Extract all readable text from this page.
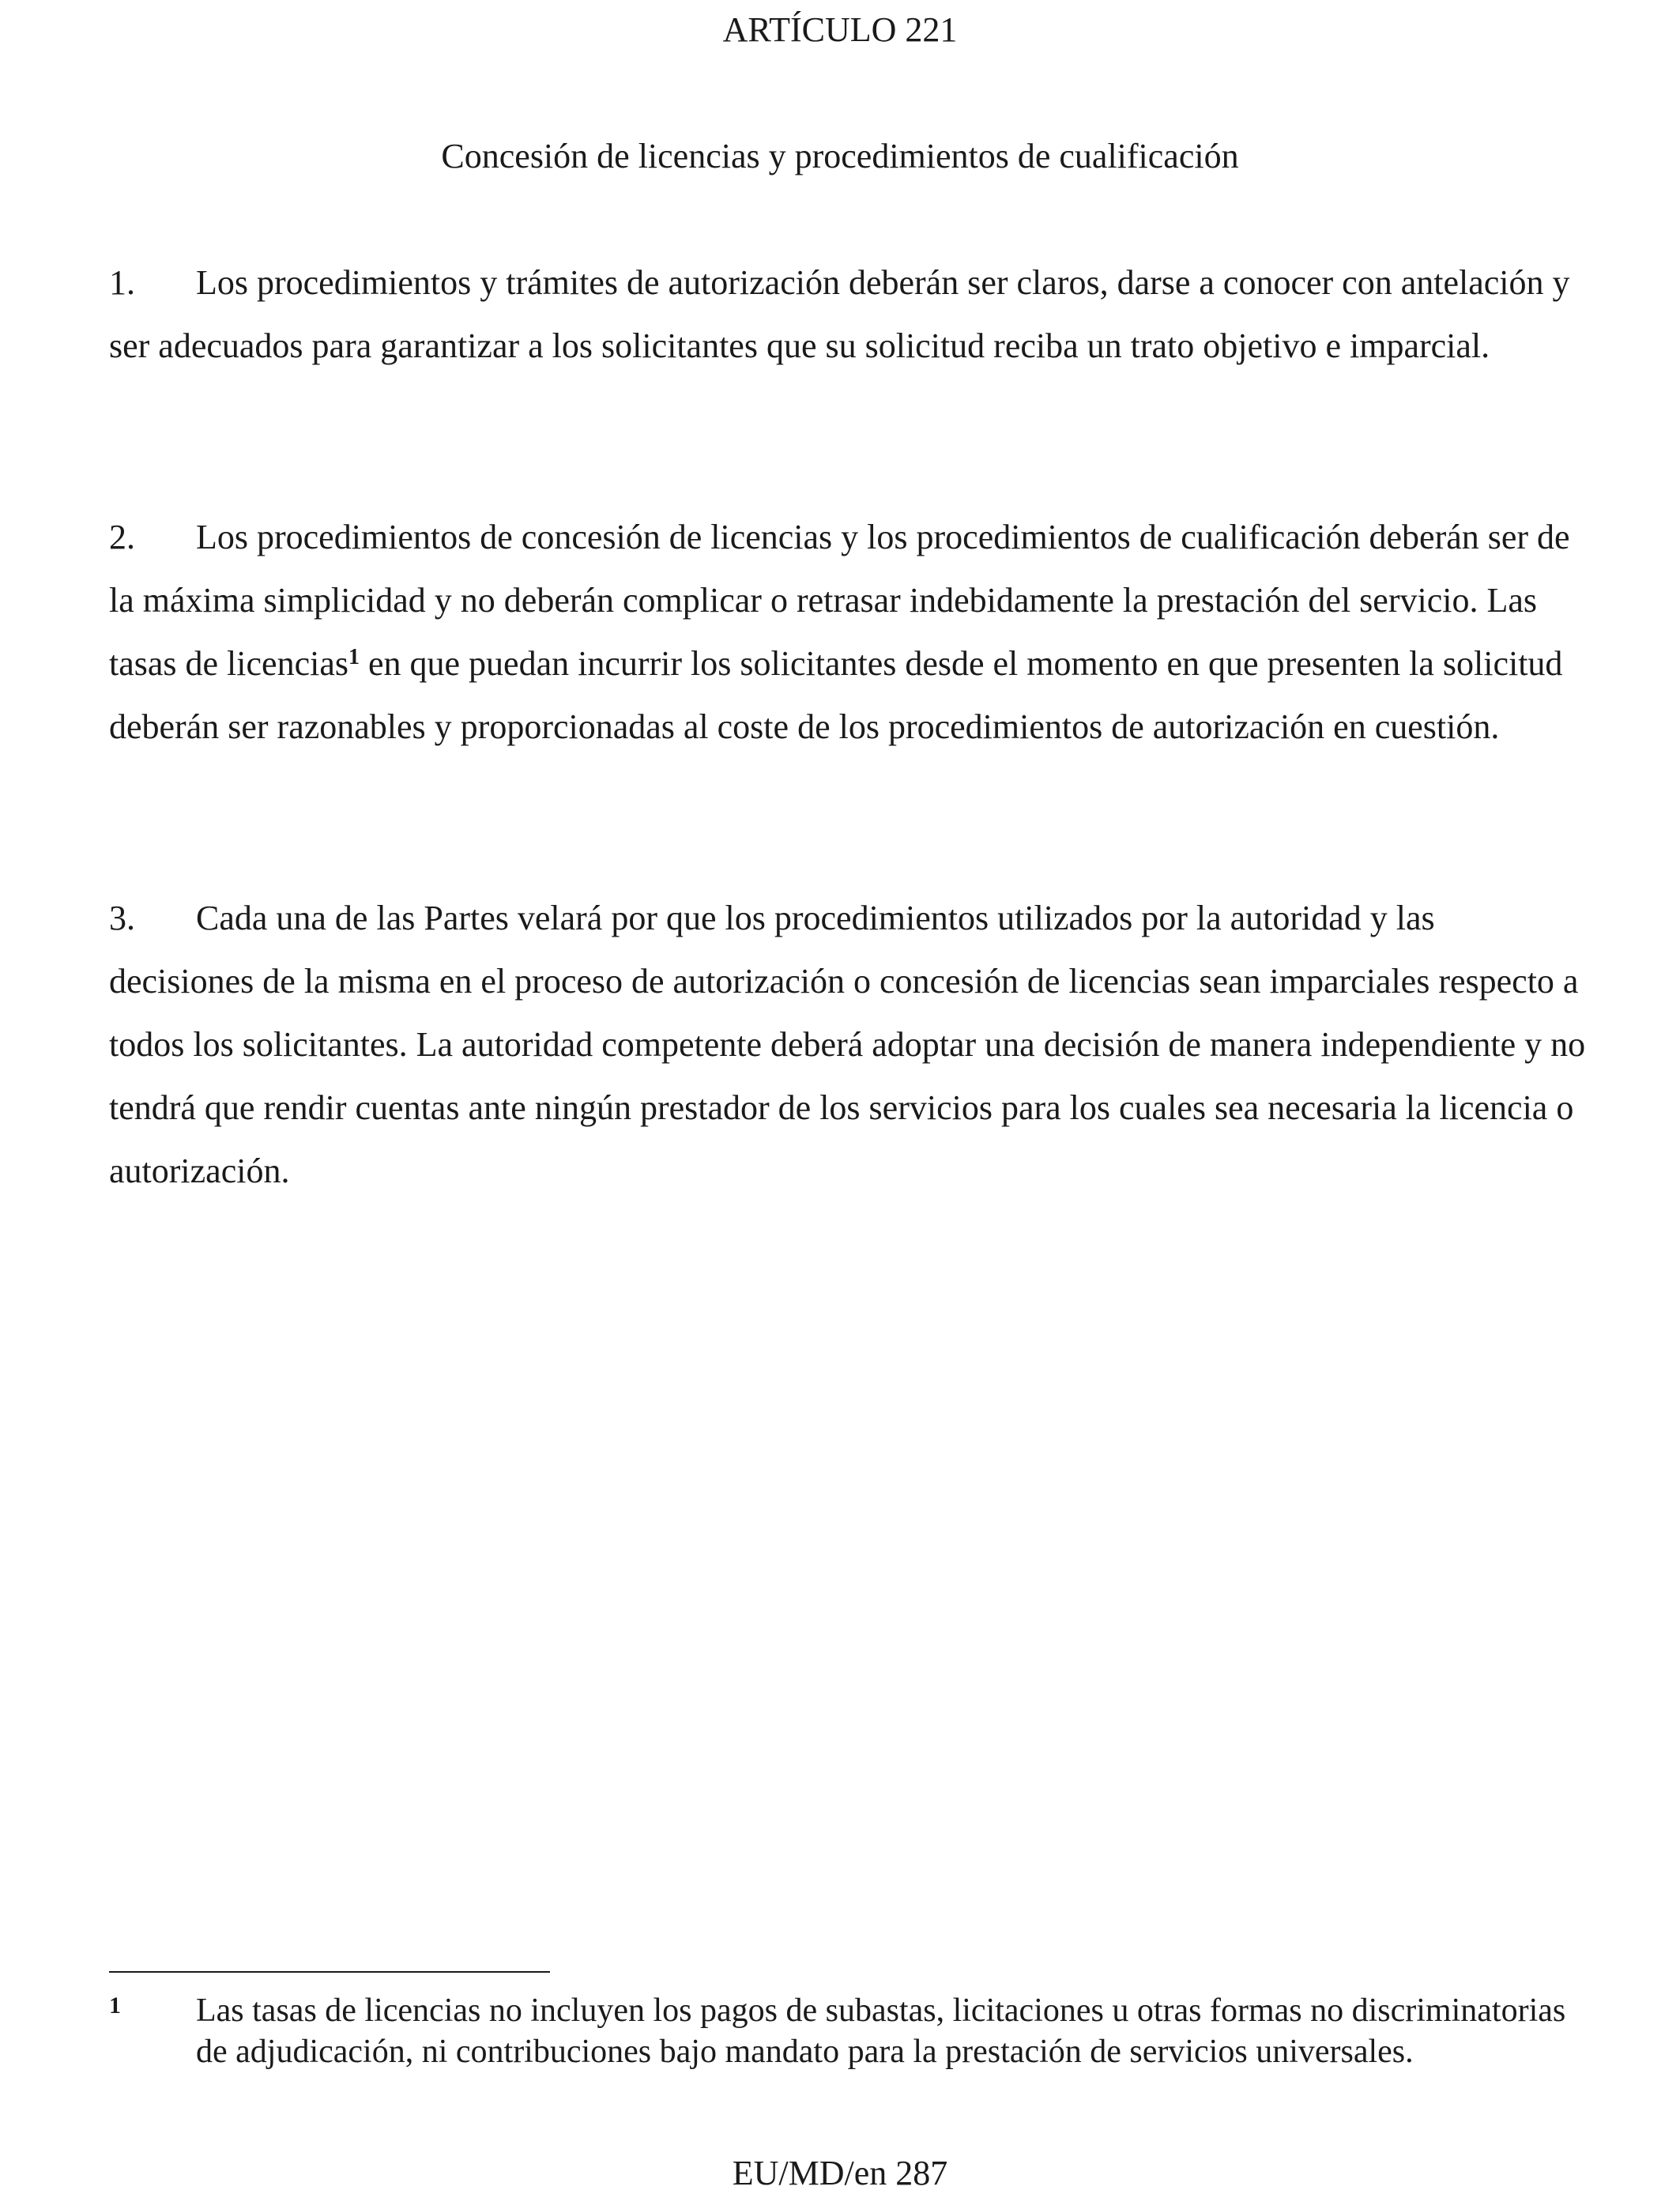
ARTÍCULO 221
Concesión de licencias y procedimientos de cualificación

1. Los procedimientos y trámites de autorización deberán ser claros, darse a conocer con antelación y ser adecuados para garantizar a los solicitantes que su solicitud reciba un trato objetivo e imparcial.

2. Los procedimientos de concesión de licencias y los procedimientos de cualificación deberán ser de la máxima simplicidad y no deberán complicar o retrasar indebidamente la prestación del servicio. Las tasas de licencias$^1$ en que puedan incurrir los solicitantes desde el momento en que presenten la solicitud deberán ser razonables y proporcionadas al coste de los procedimientos de autorización en cuestión.

3. Cada una de las Partes velará por que los procedimientos utilizados por la autoridad y las decisiones de la misma en el proceso de autorización o concesión de licencias sean imparciales respecto a todos los solicitantes. La autoridad competente deberá adoptar una decisión de manera independiente y no tendrá que rendir cuentas ante ningún prestador de los servicios para los cuales sea necesaria la licencia o autorización.

1 Las tasas de licencias no incluyen los pagos de subastas, licitaciones u otras formas no discriminatorias de adjudicación, ni contribuciones bajo mandato para la prestación de servicios universales.

EU/MD/en 287
